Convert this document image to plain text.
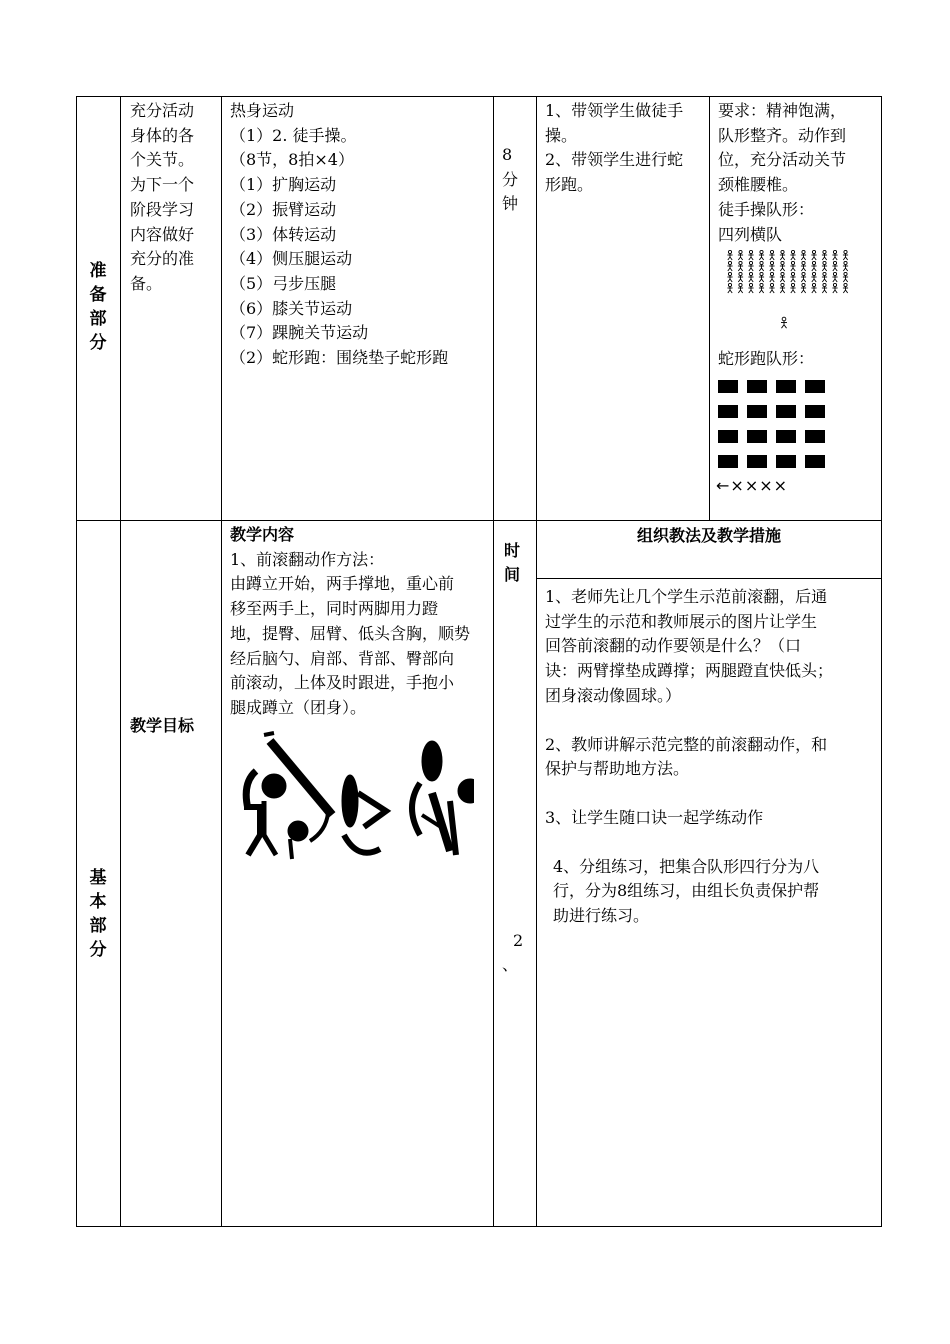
准
备
部
分
充分活动
身体的各
个关节。
为下一个
阶段学习
内容做好
充分的准
备。
热身运动
（1）2. 徒手操。
（8节，8拍×4）
（1）扩胸运动
（2）振臂运动
（3）体转运动
（4）侧压腿运动
（5）弓步压腿
（6）膝关节运动
（7）踝腕关节运动
（2）蛇形跑：围绕垫子蛇形跑
8
分
钟
1、带领学生做徒手
操。
2、带领学生进行蛇
形跑。
要求：精神饱满，
队形整齐。动作到
位，充分活动关节
颈椎腰椎。
徒手操队形：
四列横队
蛇形跑队形：
←××××
基
本
部
分
教学目标
教学内容
1、前滚翻动作方法：
由蹲立开始，两手撑地，重心前
移至两手上，同时两脚用力蹬
地，提臀、屈臂、低头含胸，顺势
经后脑勺、肩部、背部、臀部向
前滚动，上体及时跟进，手抱小
腿成蹲立（团身）。
时
间
2
、
组织教法及教学措施
1、老师先让几个学生示范前滚翻，后通
过学生的示范和教师展示的图片让学生
回答前滚翻的动作要领是什么？（口
诀：两臂撑垫成蹲撑；两腿蹬直快低头；
团身滚动像圆球。）
2、教师讲解示范完整的前滚翻动作，和
保护与帮助地方法。
3、让学生随口诀一起学练动作
4、分组练习，把集合队形四行分为八
行，分为8组练习，由组长负责保护帮
助进行练习。
